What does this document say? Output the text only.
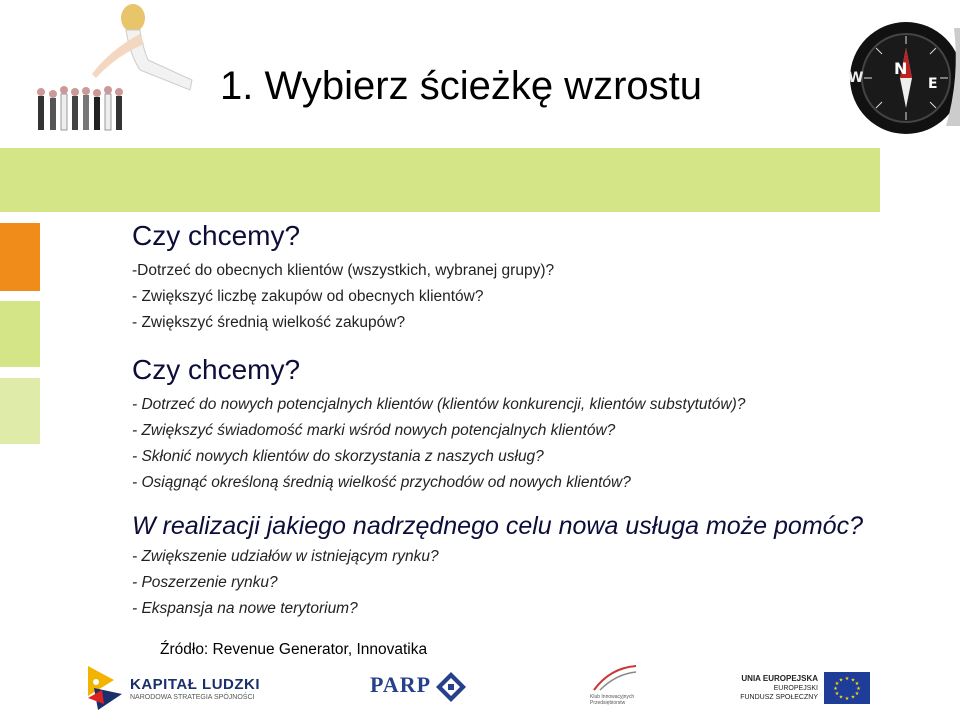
N
E
W
1. Wybierz ścieżkę wzrostu

Czy chcemy?

-Dotrzeć do obecnych klientów (wszystkich, wybranej grupy)?

- Zwiększyć liczbę zakupów od obecnych klientów?

- Zwiększyć średnią wielkość zakupów?

Czy chcemy?

- Dotrzeć do nowych potencjalnych klientów (klientów konkurencji, klientów substytutów)?

- Zwiększyć świadomość marki wśród nowych potencjalnych klientów?

- Skłonić nowych klientów do skorzystania z naszych usług?

- Osiągnąć określoną średnią wielkość przychodów od nowych klientów?

W realizacji jakiego nadrzędnego celu nowa usługa może pomóc?

- Zwiększenie udziałów w istniejącym rynku?

- Poszerzenie rynku?

- Ekspansja na nowe terytorium?

Źródło: Revenue Generator, Innovatika

KAPITAŁ LUDZKI
NARODOWA STRATEGIA SPÓJNOŚCI
PARP	Klub Innowacyjnych Przedsiębiorstw
UNIA EUROPEJSKA
EUROPEJSKI
FUNDUSZ SPOŁECZNY
★ ★
★
★
★
★
★
★
★
★
★
★
